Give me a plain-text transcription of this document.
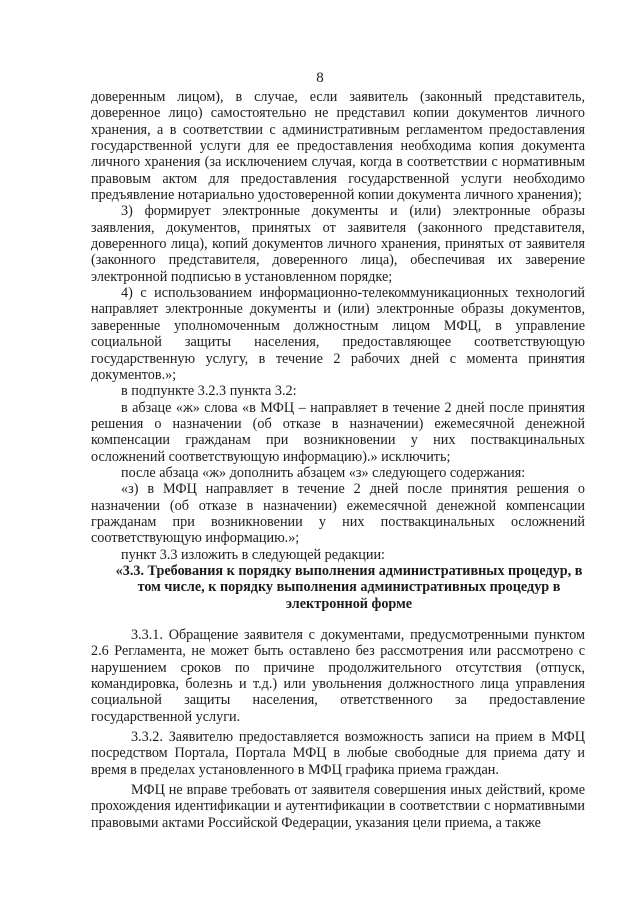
8

доверенным лицом), в случае, если заявитель (законный представитель, доверенное лицо) самостоятельно не представил копии документов личного хранения, а в соответствии с административным регламентом предоставления государственной услуги для ее предоставления необходима копия документа личного хранения (за исключением случая, когда в соответствии с нормативным правовым актом для предоставления государственной услуги необходимо предъявление нотариально удостоверенной копии документа личного хранения);

3) формирует электронные документы и (или) электронные образы заявления, документов, принятых от заявителя (законного представителя, доверенного лица), копий документов личного хранения, принятых от заявителя (законного представителя, доверенного лица), обеспечивая их заверение электронной подписью в установленном порядке;

4) с использованием информационно-телекоммуникационных технологий направляет электронные документы и (или) электронные образы документов, заверенные уполномоченным должностным лицом МФЦ, в управление социальной защиты населения, предоставляющее соответствующую государственную услугу, в течение 2 рабочих дней с момента принятия документов.»;

в подпункте 3.2.3 пункта 3.2:

в абзаце «ж» слова «в МФЦ – направляет в течение 2 дней после принятия решения о назначении (об отказе в назначении) ежемесячной денежной компенсации гражданам при возникновении у них поствакцинальных осложнений соответствующую информацию).» исключить;

после абзаца «ж» дополнить абзацем «з» следующего содержания:

«з) в МФЦ направляет в течение 2 дней после принятия решения о назначении (об отказе в назначении) ежемесячной денежной компенсации гражданам при возникновении у них поствакцинальных осложнений соответствующую информацию.»;

пункт 3.3 изложить в следующей редакции:

«3.3. Требования к порядку выполнения административных процедур, в том числе, к порядку выполнения административных процедур в электронной форме

3.3.1. Обращение заявителя с документами, предусмотренными пунктом 2.6 Регламента, не может быть оставлено без рассмотрения или рассмотрено с нарушением сроков по причине продолжительного отсутствия (отпуск, командировка, болезнь и т.д.) или увольнения должностного лица управления социальной защиты населения, ответственного за предоставление государственной услуги.

3.3.2. Заявителю предоставляется возможность записи на прием в МФЦ посредством Портала, Портала МФЦ в любые свободные для приема дату и время в пределах установленного в МФЦ графика приема граждан.

МФЦ не вправе требовать от заявителя совершения иных действий, кроме прохождения идентификации и аутентификации в соответствии с нормативными правовыми актами Российской Федерации, указания цели приема, а также
